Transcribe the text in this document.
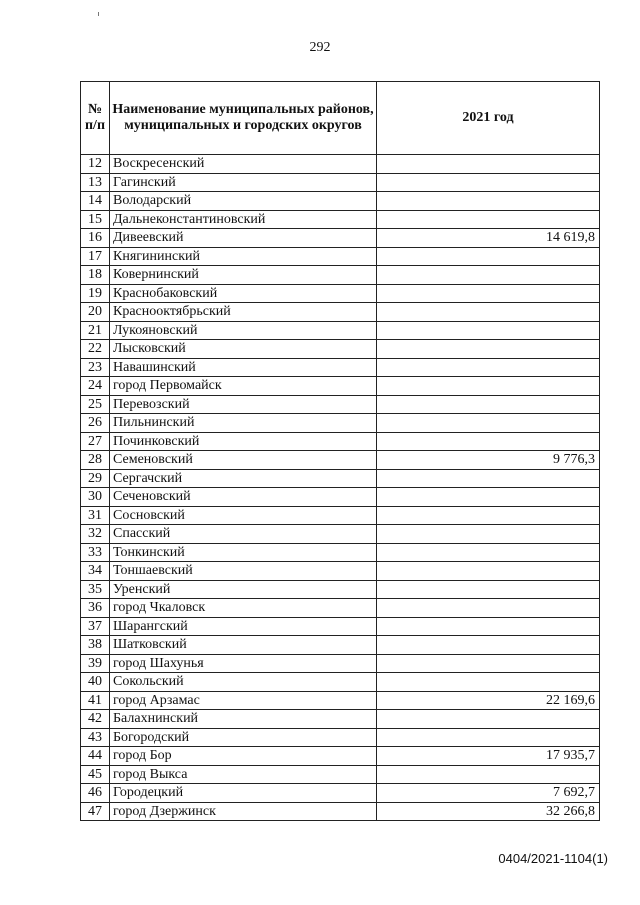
292
№ п/п	Наименование муниципальных районов, муниципальных и городских округов	2021 год
12	Воскресенский	
13	Гагинский	
14	Володарский	
15	Дальнеконстантиновский	
16	Дивеевский	14 619,8
17	Княгининский	
18	Ковернинский	
19	Краснобаковский	
20	Краснооктябрьский	
21	Лукояновский	
22	Лысковский	
23	Навашинский	
24	город Первомайск	
25	Перевозский	
26	Пильнинский	
27	Починковский	
28	Семеновский	9 776,3
29	Сергачский	
30	Сеченовский	
31	Сосновский	
32	Спасский	
33	Тонкинский	
34	Тоншаевский	
35	Уренский	
36	город Чкаловск	
37	Шарангский	
38	Шатковский	
39	город Шахунья	
40	Сокольский	
41	город Арзамас	22 169,6
42	Балахнинский	
43	Богородский	
44	город Бор	17 935,7
45	город Выкса	
46	Городецкий	7 692,7
47	город Дзержинск	32 266,8
0404/2021-1104(1)
